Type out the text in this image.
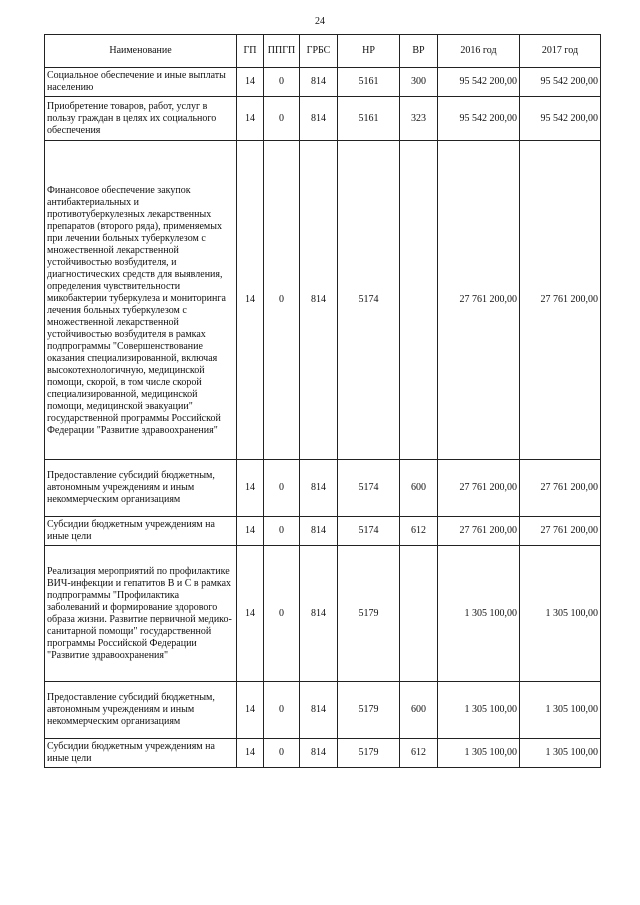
24
Наименование	ГП	ППГП	ГРБС	НР	ВР	2016 год	2017 год
Социальное обеспечение и иные выплаты населению	14	0	814	5161	300	95 542 200,00	95 542 200,00
Приобретение товаров, работ, услуг в пользу граждан в целях их социального обеспечения	14	0	814	5161	323	95 542 200,00	95 542 200,00
Финансовое обеспечение закупок антибактериальных и противотуберкулезных лекарственных препаратов (второго ряда), применяемых при лечении больных туберкулезом с множественной лекарственной устойчивостью возбудителя, и диагностических средств для выявления, определения чувствительности микобактерии туберкулеза и мониторинга лечения больных туберкулезом с множественной лекарственной устойчивостью возбудителя в рамках подпрограммы "Совершенствование оказания специализированной, включая высокотехнологичную, медицинской помощи, скорой, в том числе скорой специализированной, медицинской помощи, медицинской эвакуации" государственной программы Российской Федерации "Развитие здравоохранения"	14	0	814	5174		27 761 200,00	27 761 200,00
Предоставление субсидий бюджетным, автономным учреждениям и иным некоммерческим организациям	14	0	814	5174	600	27 761 200,00	27 761 200,00
Субсидии бюджетным учреждениям на иные цели	14	0	814	5174	612	27 761 200,00	27 761 200,00
Реализация мероприятий по профилактике ВИЧ-инфекции и гепатитов В и С в рамках подпрограммы "Профилактика заболеваний и формирование здорового образа жизни. Развитие первичной медико-санитарной помощи" государственной программы Российской Федерации "Развитие здравоохранения"	14	0	814	5179		1 305 100,00	1 305 100,00
Предоставление субсидий бюджетным, автономным учреждениям и иным некоммерческим организациям	14	0	814	5179	600	1 305 100,00	1 305 100,00
Субсидии бюджетным учреждениям на иные цели	14	0	814	5179	612	1 305 100,00	1 305 100,00
